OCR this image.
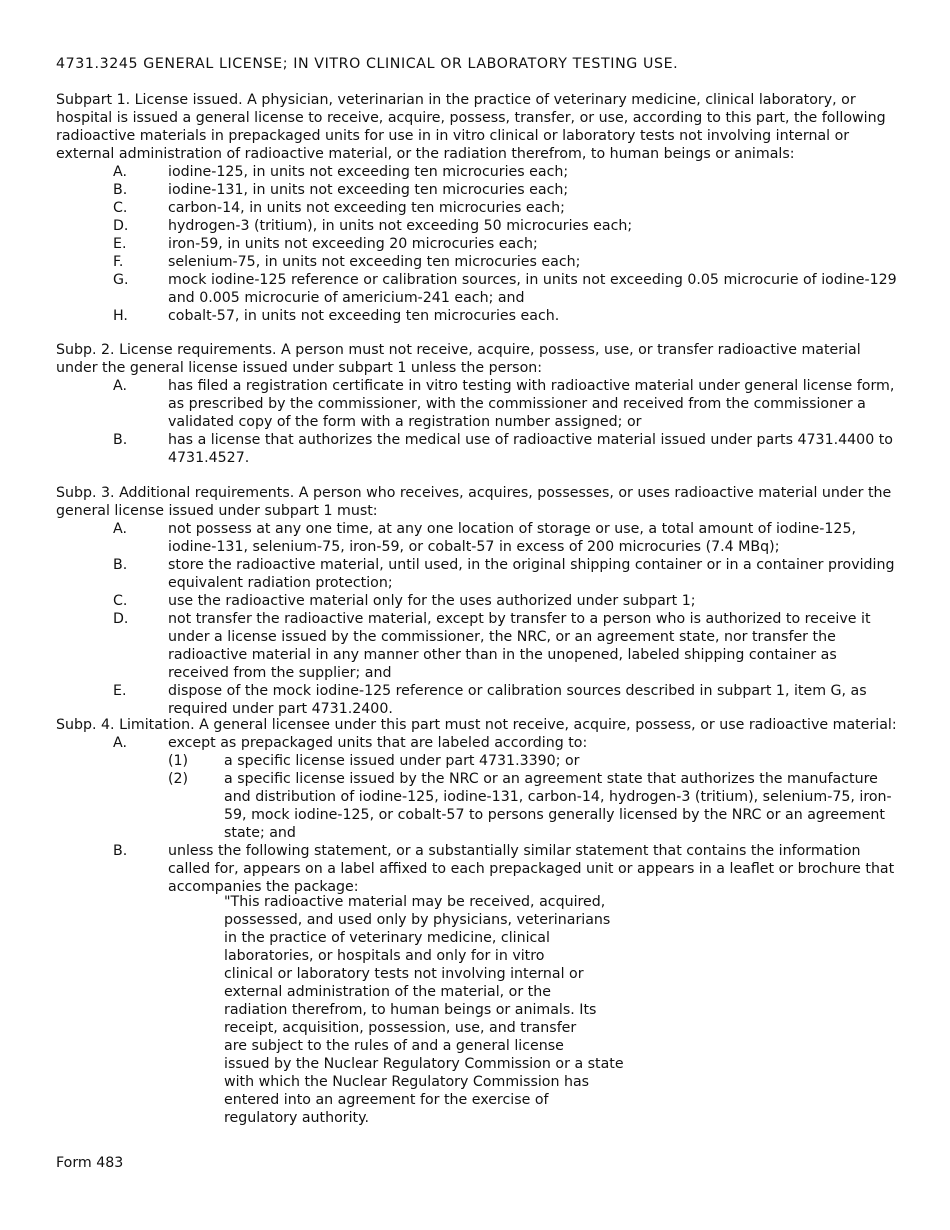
4731.3245 GENERAL LICENSE; IN VITRO CLINICAL OR LABORATORY TESTING USE.
Subpart 1. License issued. A physician, veterinarian in the practice of veterinary medicine, clinical laboratory, or hospital is issued a general license to receive, acquire, possess, transfer, or use, according to this part, the following radioactive materials in prepackaged units for use in in vitro clinical or laboratory tests not involving internal or external administration of radioactive material, or the radiation therefrom, to human beings or animals:
A.	iodine-125, in units not exceeding ten microcuries each;
B.	iodine-131, in units not exceeding ten microcuries each;
C.	carbon-14, in units not exceeding ten microcuries each;
D.	hydrogen-3 (tritium), in units not exceeding 50 microcuries each;
E.	iron-59, in units not exceeding 20 microcuries each;
F.	selenium-75, in units not exceeding ten microcuries each;
G.	mock iodine-125 reference or calibration sources, in units not exceeding 0.05 microcurie of iodine-129 and 0.005 microcurie of americium-241 each; and
H.	cobalt-57, in units not exceeding ten microcuries each.
Subp. 2. License requirements. A person must not receive, acquire, possess, use, or transfer radioactive material under the general license issued under subpart 1 unless the person:
A.	has filed a registration certificate in vitro testing with radioactive material under general license form, as prescribed by the commissioner, with the commissioner and received from the commissioner a validated copy of the form with a registration number assigned; or
B.	has a license that authorizes the medical use of radioactive material issued under parts 4731.4400 to 4731.4527.
Subp. 3. Additional requirements. A person who receives, acquires, possesses, or uses radioactive material under the general license issued under subpart 1 must:
A.	not possess at any one time, at any one location of storage or use, a total amount of iodine-125, iodine-131, selenium-75, iron-59, or cobalt-57 in excess of 200 microcuries (7.4 MBq);
B.	store the radioactive material, until used, in the original shipping container or in a container providing equivalent radiation protection;
C.	use the radioactive material only for the uses authorized under subpart 1;
D.	not transfer the radioactive material, except by transfer to a person who is authorized to receive it under a license issued by the commissioner, the NRC, or an agreement state, nor transfer the radioactive material in any manner other than in the unopened, labeled shipping container as received from the supplier; and
E.	dispose of the mock iodine-125 reference or calibration sources described in subpart 1, item G, as required under part 4731.2400.
Subp. 4. Limitation. A general licensee under this part must not receive, acquire, possess, or use radioactive material:
A.	except as prepackaged units that are labeled according to:
(1)	a specific license issued under part 4731.3390; or
(2)	a specific license issued by the NRC or an agreement state that authorizes the manufacture and distribution of iodine-125, iodine-131, carbon-14, hydrogen-3 (tritium), selenium-75, iron-59, mock iodine-125, or cobalt-57 to persons generally licensed by the NRC or an agreement state; and
B.	unless the following statement, or a substantially similar statement that contains the information called for, appears on a label affixed to each prepackaged unit or appears in a leaflet or brochure that accompanies the package:
"This radioactive material may be received, acquired,
possessed, and used only by physicians, veterinarians
in the practice of veterinary medicine, clinical
laboratories, or hospitals and only for in vitro
clinical or laboratory tests not involving internal or
external administration of the material, or the
radiation therefrom, to human beings or animals. Its
receipt, acquisition, possession, use, and transfer
are subject to the rules of and a general license
issued by the Nuclear Regulatory Commission or a state
with which the Nuclear Regulatory Commission has
entered into an agreement for the exercise of
regulatory authority.
Form 483
